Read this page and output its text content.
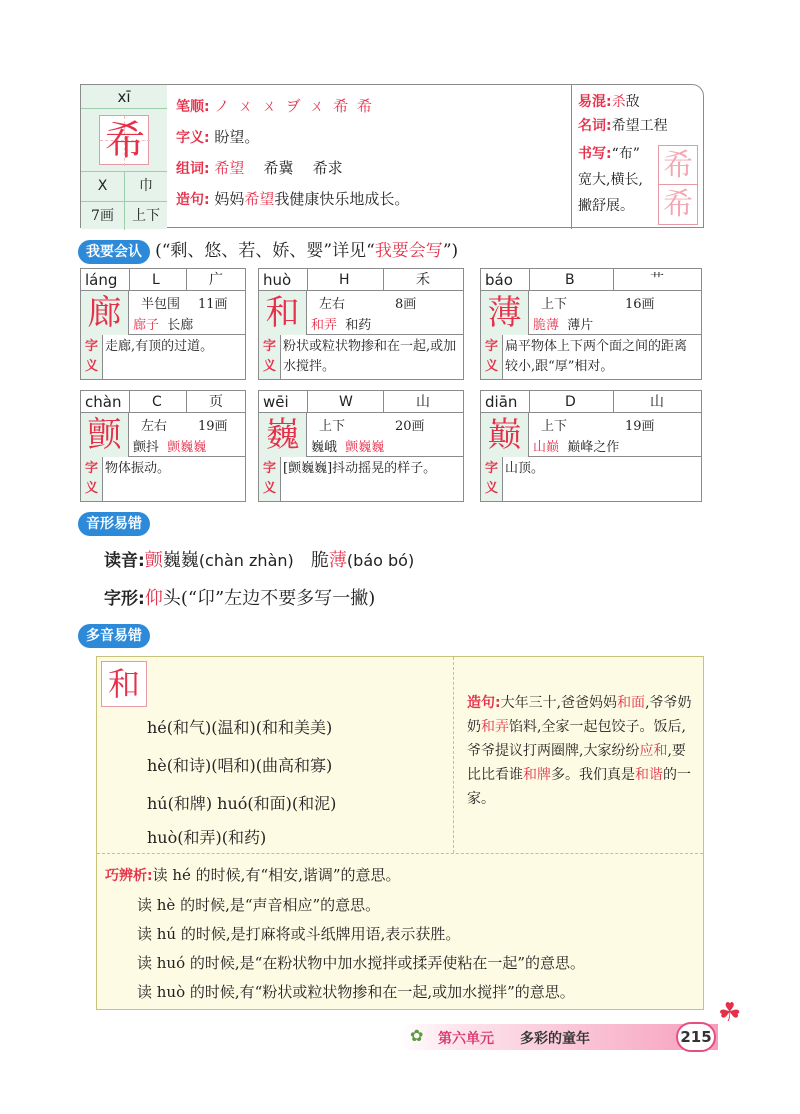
xī
希
X	巾
7画	上下
笔顺: ノ ㄨ ㄨ ヺ ㄨ 希 希
字义: 盼望。
组词: 希望 希冀 希求
造句: 妈妈希望我健康快乐地成长。
易混:杀敌
名词:希望工程
书写:“布”
宽大,横长,
撇舒展。
希
希
我要会认 (“剩、悠、若、娇、婴”详见“我要会写”)
láng L	广
廊	半包围 11画
廊子 长廊
字义
走廊,有顶的过道。
huò	H	禾
和	左右	8画
和弄 和药
字义
粉状或粒状物掺和在一起,或加水搅拌。
báo	B	艹
薄	上下	16画
脆薄 薄片
字义
扁平物体上下两个面之间的距离较小,跟“厚”相对。
chàn C	页
颤	左右 19画
颤抖 颤巍巍
字义
物体振动。
wēi	W	山
巍	上下	20画
巍峨 颤巍巍
字义
[颤巍巍]抖动摇晃的样子。
diān	D	山
巅	上下	19画
山巅 巅峰之作
字义
山顶。
音形易错
读音:颤巍巍(chàn zhàn) 脆薄(báo bó)
字形:仰头(“卬”左边不要多写一撇)
多音易错
和
hé(和气)(温和)(和和美美)
hè(和诗)(唱和)(曲高和寡)
hú(和牌) huó(和面)(和泥)
huò(和弄)(和药)
造句:大年三十,爸爸妈妈和面,爷爷奶奶和弄馅料,全家一起包饺子。饭后,爷爷提议打两圈牌,大家纷纷应和,要比比看谁和牌多。我们真是和谐的一家。
巧辨析:读 hé 的时候,有“相安,谐调”的意思。
读 hè 的时候,是“声音相应”的意思。
读 hú 的时候,是打麻将或斗纸牌用语,表示获胜。
读 huó 的时候,是“在粉状物中加水搅拌或揉弄使粘在一起”的意思。
读 huò 的时候,有“粉状或粒状物掺和在一起,或加水搅拌”的意思。
✿ 第六单元 多彩的童年	215
☘
